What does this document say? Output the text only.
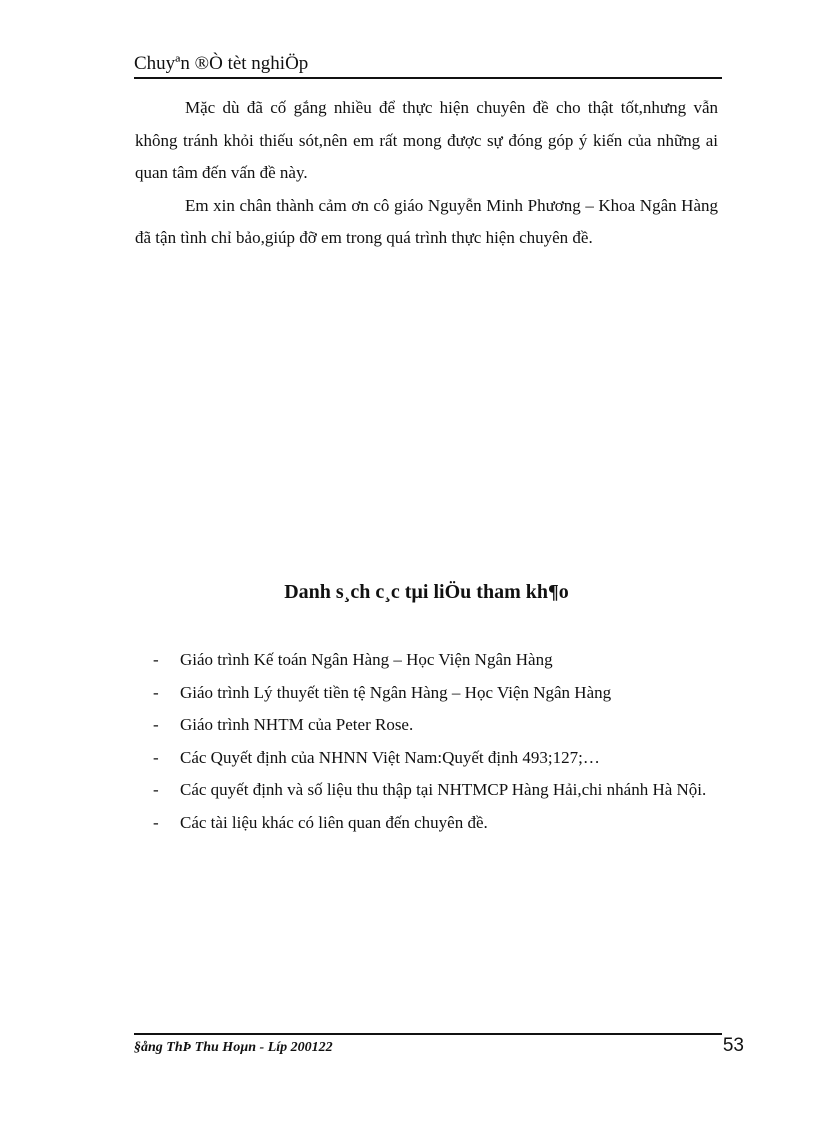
Chuyªn ®Ò tèt nghiÖp

Mặc dù đã cố gắng nhiều để thực hiện chuyên đề cho thật tốt,nhưng vẫn không tránh khỏi thiếu sót,nên em rất mong được sự đóng góp ý kiến của những ai quan tâm đến vấn đề này.

Em xin chân thành cảm ơn cô giáo Nguyễn Minh Phương – Khoa Ngân Hàng đã tận tình chỉ bảo,giúp đỡ em trong quá trình thực hiện chuyên đề.

Danh s¸ch c¸c tµi liÖu tham kh¶o
- Giáo trình Kế toán Ngân Hàng – Học Viện Ngân Hàng
- Giáo trình Lý thuyết tiền tệ Ngân Hàng – Học Viện Ngân Hàng
- Giáo trình NHTM của Peter Rose.
- Các Quyết định của NHNN Việt Nam:Quyết định 493;127;…
- Các quyết định và số liệu thu thập tại NHTMCP Hàng Hải,chi nhánh Hà Nội.
- Các tài liệu khác có liên quan đến chuyên đề.
§ång ThÞ Thu Hoµn - Líp 200122	53
